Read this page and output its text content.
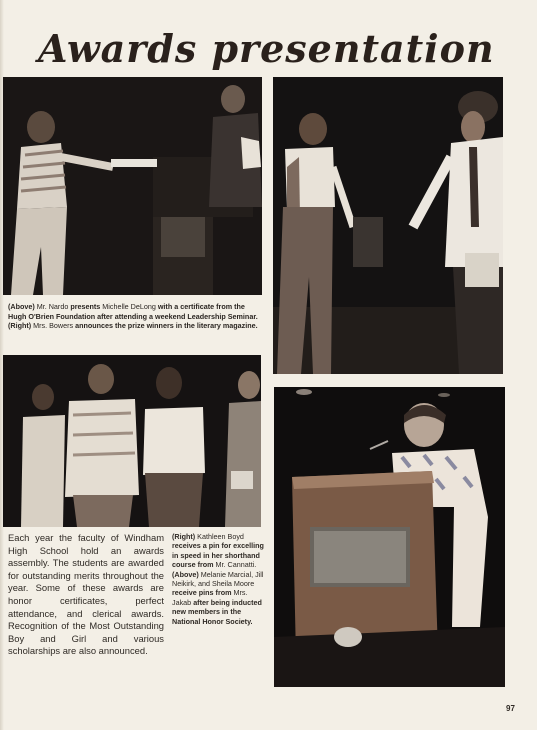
Awards presentation

(Above) Mr. Nardo presents Michelle DeLong with a certificate from the Hugh O'Brien Foundation after attending a weekend Leadership Seminar. (Right) Mrs. Bowers announces the prize winners in the literary magazine.

Each year the faculty of Windham High School hold an awards assembly. The students are awarded for outstanding merits throughout the year. Some of these awards are honor certificates, perfect attendance, and clerical awards. Recognition of the Most Outstanding Boy and Girl and various scholarships are also announced.

(Right) Kathleen Boyd receives a pin for excelling in speed in her shorthand course from Mr. Cannatti. (Above) Melanie Marcial, Jill Neikirk, and Sheila Moore receive pins from Mrs. Jakab after being inducted new members in the National Honor Society.

97
